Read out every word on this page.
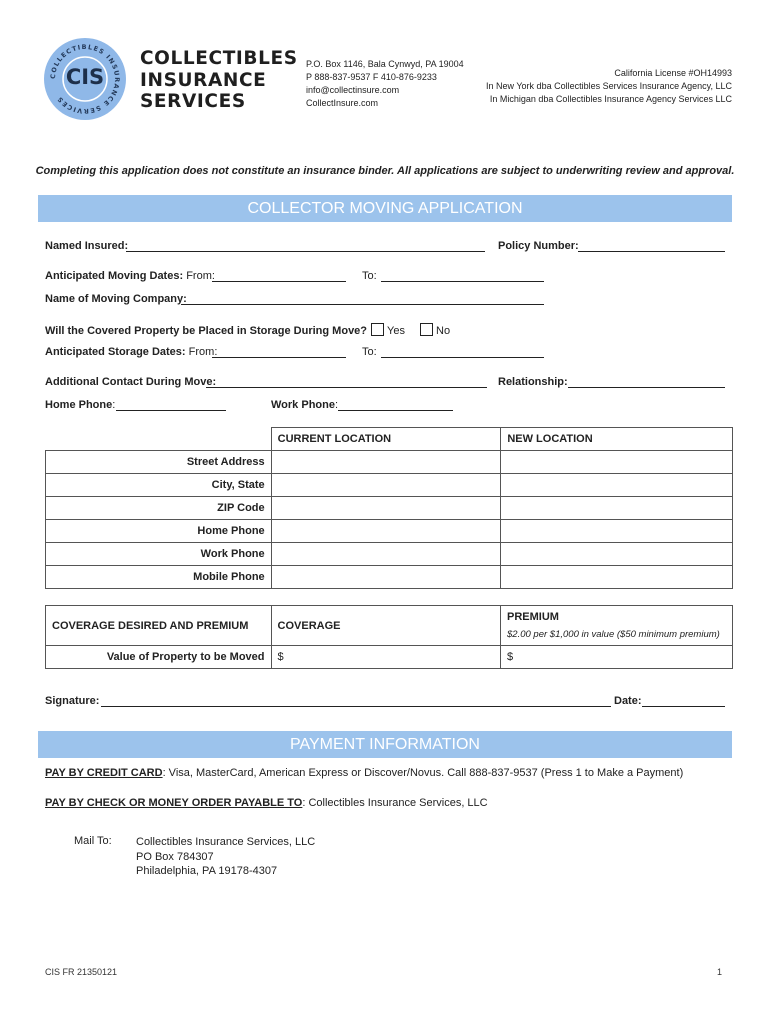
COLLECTIBLES INSURANCE SERVICES
CIS
COLLECTIBLES
INSURANCE
SERVICES
P.O. Box 1146, Bala Cynwyd, PA 19004
P 888-837-9537 F 410-876-9233
info@collectinsure.com
CollectInsure.com
California License #OH14993
In New York dba Collectibles Services Insurance Agency, LLC
In Michigan dba Collectibles Insurance Agency Services LLC
Completing this application does not constitute an insurance binder. All applications are subject to underwriting review and approval.
COLLECTOR MOVING APPLICATION
Named Insured:	Policy Number:
Anticipated Moving Dates: From:	To:
Name of Moving Company:
Will the Covered Property be Placed in Storage During Move? Yes	No
Anticipated Storage Dates: From:	To:
Additional Contact During Move:	Relationship:
Home Phone:	Work Phone:
	CURRENT LOCATION	NEW LOCATION
Street Address		
City, State		
ZIP Code		
Home Phone		
Work Phone		
Mobile Phone		
COVERAGE DESIRED AND PREMIUM	COVERAGE	PREMIUM
$2.00 per $1,000 in value ($50 minimum premium)

Value of Property to be Moved	$	$
Signature:	Date:
PAYMENT INFORMATION
PAY BY CREDIT CARD: Visa, MasterCard, American Express or Discover/Novus. Call 888-837-9537 (Press 1 to Make a Payment)
PAY BY CHECK OR MONEY ORDER PAYABLE TO: Collectibles Insurance Services, LLC
Mail To: Collectibles Insurance Services, LLC
PO Box 784307
Philadelphia, PA 19178-4307
CIS FR 21350121	1
